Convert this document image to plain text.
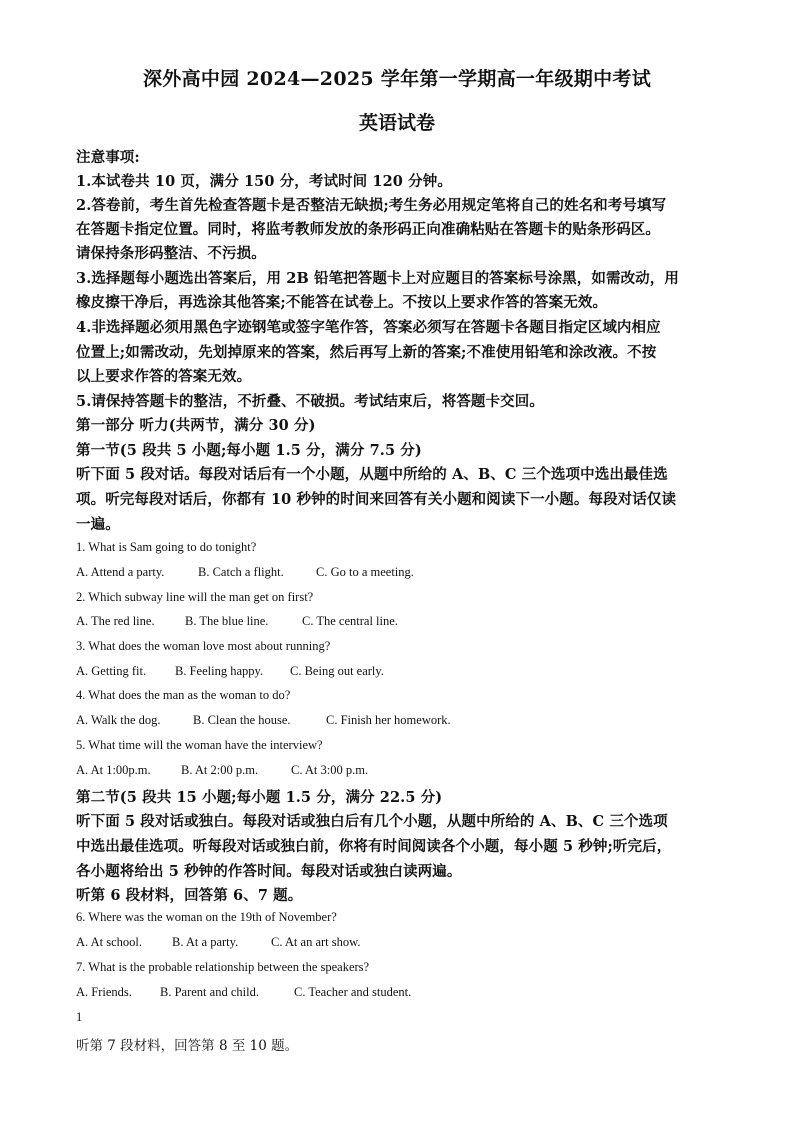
深外高中园 2024—2025 学年第一学期高一年级期中考试
英语试卷
注意事项:
1.本试卷共 10 页，满分 150 分，考试时间 120 分钟。
2.答卷前，考生首先检查答题卡是否整洁无缺损;考生务必用规定笔将自己的姓名和考号填写
在答题卡指定位置。同时，将监考教师发放的条形码正向准确粘贴在答题卡的贴条形码区。
请保持条形码整洁、不污损。
3.选择题每小题选出答案后，用 2B 铅笔把答题卡上对应题目的答案标号涂黑，如需改动，用
橡皮擦干净后，再选涂其他答案;不能答在试卷上。不按以上要求作答的答案无效。
4.非选择题必须用黑色字迹钢笔或签字笔作答，答案必须写在答题卡各题目指定区域内相应
位置上;如需改动，先划掉原来的答案，然后再写上新的答案;不准使用铅笔和涂改液。不按
以上要求作答的答案无效。
5.请保持答题卡的整洁，不折叠、不破损。考试结束后，将答题卡交回。
第一部分 听力(共两节，满分 30 分)
第一节(5 段共 5 小题;每小题 1.5 分，满分 7.5 分)
听下面 5 段对话。每段对话后有一个小题，从题中所给的 A、B、C 三个选项中选出最佳选
项。听完每段对话后，你都有 10 秒钟的时间来回答有关小题和阅读下一小题。每段对话仅读
一遍。
1. What is Sam going to do tonight?
A. Attend a party.	B. Catch a flight.	C. Go to a meeting.
2. Which subway line will the man get on first?
A. The red line. B. The blue line.	C. The central line.
3. What does the woman love most about running?
A. Getting fit. B. Feeling happy. C. Being out early.
4. What does the man as the woman to do?
A. Walk the dog.	B. Clean the house.	C. Finish her homework.
5. What time will the woman have the interview?
A. At 1:00p.m. B. At 2:00 p.m.	C. At 3:00 p.m.
第二节(5 段共 15 小题;每小题 1.5 分，满分 22.5 分)
听下面 5 段对话或独白。每段对话或独白后有几个小题，从题中所给的 A、B、C 三个选项
中选出最佳选项。听每段对话或独白前，你将有时间阅读各个小题，每小题 5 秒钟;听完后，
各小题将给出 5 秒钟的作答时间。每段对话或独白读两遍。
听第 6 段材料，回答第 6、7 题。
6. Where was the woman on the 19th of November?
A. At school. B. At a party.	C. At an art show.
7. What is the probable relationship between the speakers?
A. Friends. B. Parent and child.	C. Teacher and student.
1
听第 7 段材料，回答第 8 至 10 题。
